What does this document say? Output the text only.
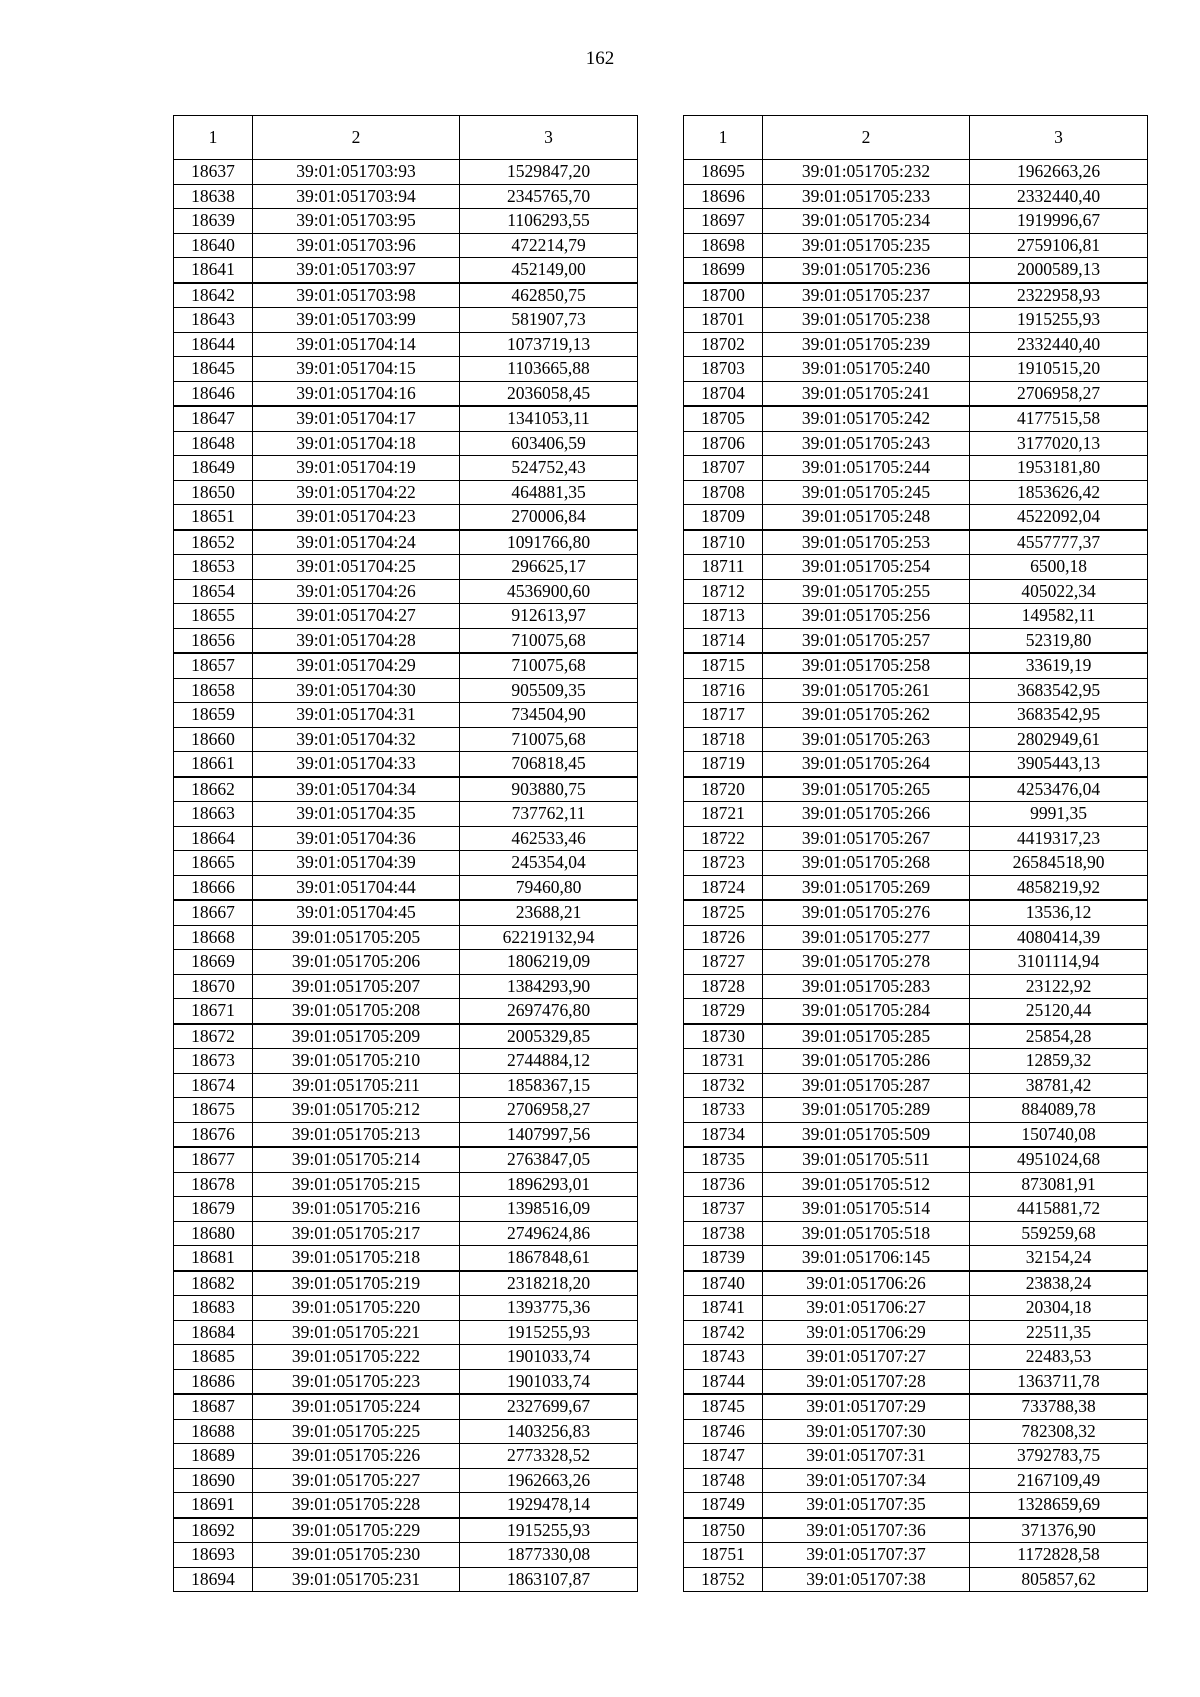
162
1	2	3
18637	39:01:051703:93	1529847,20
18638	39:01:051703:94	2345765,70
18639	39:01:051703:95	1106293,55
18640	39:01:051703:96	472214,79
18641	39:01:051703:97	452149,00
18642	39:01:051703:98	462850,75
18643	39:01:051703:99	581907,73
18644	39:01:051704:14	1073719,13
18645	39:01:051704:15	1103665,88
18646	39:01:051704:16	2036058,45
18647	39:01:051704:17	1341053,11
18648	39:01:051704:18	603406,59
18649	39:01:051704:19	524752,43
18650	39:01:051704:22	464881,35
18651	39:01:051704:23	270006,84
18652	39:01:051704:24	1091766,80
18653	39:01:051704:25	296625,17
18654	39:01:051704:26	4536900,60
18655	39:01:051704:27	912613,97
18656	39:01:051704:28	710075,68
18657	39:01:051704:29	710075,68
18658	39:01:051704:30	905509,35
18659	39:01:051704:31	734504,90
18660	39:01:051704:32	710075,68
18661	39:01:051704:33	706818,45
18662	39:01:051704:34	903880,75
18663	39:01:051704:35	737762,11
18664	39:01:051704:36	462533,46
18665	39:01:051704:39	245354,04
18666	39:01:051704:44	79460,80
18667	39:01:051704:45	23688,21
18668	39:01:051705:205	62219132,94
18669	39:01:051705:206	1806219,09
18670	39:01:051705:207	1384293,90
18671	39:01:051705:208	2697476,80
18672	39:01:051705:209	2005329,85
18673	39:01:051705:210	2744884,12
18674	39:01:051705:211	1858367,15
18675	39:01:051705:212	2706958,27
18676	39:01:051705:213	1407997,56
18677	39:01:051705:214	2763847,05
18678	39:01:051705:215	1896293,01
18679	39:01:051705:216	1398516,09
18680	39:01:051705:217	2749624,86
18681	39:01:051705:218	1867848,61
18682	39:01:051705:219	2318218,20
18683	39:01:051705:220	1393775,36
18684	39:01:051705:221	1915255,93
18685	39:01:051705:222	1901033,74
18686	39:01:051705:223	1901033,74
18687	39:01:051705:224	2327699,67
18688	39:01:051705:225	1403256,83
18689	39:01:051705:226	2773328,52
18690	39:01:051705:227	1962663,26
18691	39:01:051705:228	1929478,14
18692	39:01:051705:229	1915255,93
18693	39:01:051705:230	1877330,08
18694	39:01:051705:231	1863107,87
1	2	3
18695	39:01:051705:232	1962663,26
18696	39:01:051705:233	2332440,40
18697	39:01:051705:234	1919996,67
18698	39:01:051705:235	2759106,81
18699	39:01:051705:236	2000589,13
18700	39:01:051705:237	2322958,93
18701	39:01:051705:238	1915255,93
18702	39:01:051705:239	2332440,40
18703	39:01:051705:240	1910515,20
18704	39:01:051705:241	2706958,27
18705	39:01:051705:242	4177515,58
18706	39:01:051705:243	3177020,13
18707	39:01:051705:244	1953181,80
18708	39:01:051705:245	1853626,42
18709	39:01:051705:248	4522092,04
18710	39:01:051705:253	4557777,37
18711	39:01:051705:254	6500,18
18712	39:01:051705:255	405022,34
18713	39:01:051705:256	149582,11
18714	39:01:051705:257	52319,80
18715	39:01:051705:258	33619,19
18716	39:01:051705:261	3683542,95
18717	39:01:051705:262	3683542,95
18718	39:01:051705:263	2802949,61
18719	39:01:051705:264	3905443,13
18720	39:01:051705:265	4253476,04
18721	39:01:051705:266	9991,35
18722	39:01:051705:267	4419317,23
18723	39:01:051705:268	26584518,90
18724	39:01:051705:269	4858219,92
18725	39:01:051705:276	13536,12
18726	39:01:051705:277	4080414,39
18727	39:01:051705:278	3101114,94
18728	39:01:051705:283	23122,92
18729	39:01:051705:284	25120,44
18730	39:01:051705:285	25854,28
18731	39:01:051705:286	12859,32
18732	39:01:051705:287	38781,42
18733	39:01:051705:289	884089,78
18734	39:01:051705:509	150740,08
18735	39:01:051705:511	4951024,68
18736	39:01:051705:512	873081,91
18737	39:01:051705:514	4415881,72
18738	39:01:051705:518	559259,68
18739	39:01:051706:145	32154,24
18740	39:01:051706:26	23838,24
18741	39:01:051706:27	20304,18
18742	39:01:051706:29	22511,35
18743	39:01:051707:27	22483,53
18744	39:01:051707:28	1363711,78
18745	39:01:051707:29	733788,38
18746	39:01:051707:30	782308,32
18747	39:01:051707:31	3792783,75
18748	39:01:051707:34	2167109,49
18749	39:01:051707:35	1328659,69
18750	39:01:051707:36	371376,90
18751	39:01:051707:37	1172828,58
18752	39:01:051707:38	805857,62
